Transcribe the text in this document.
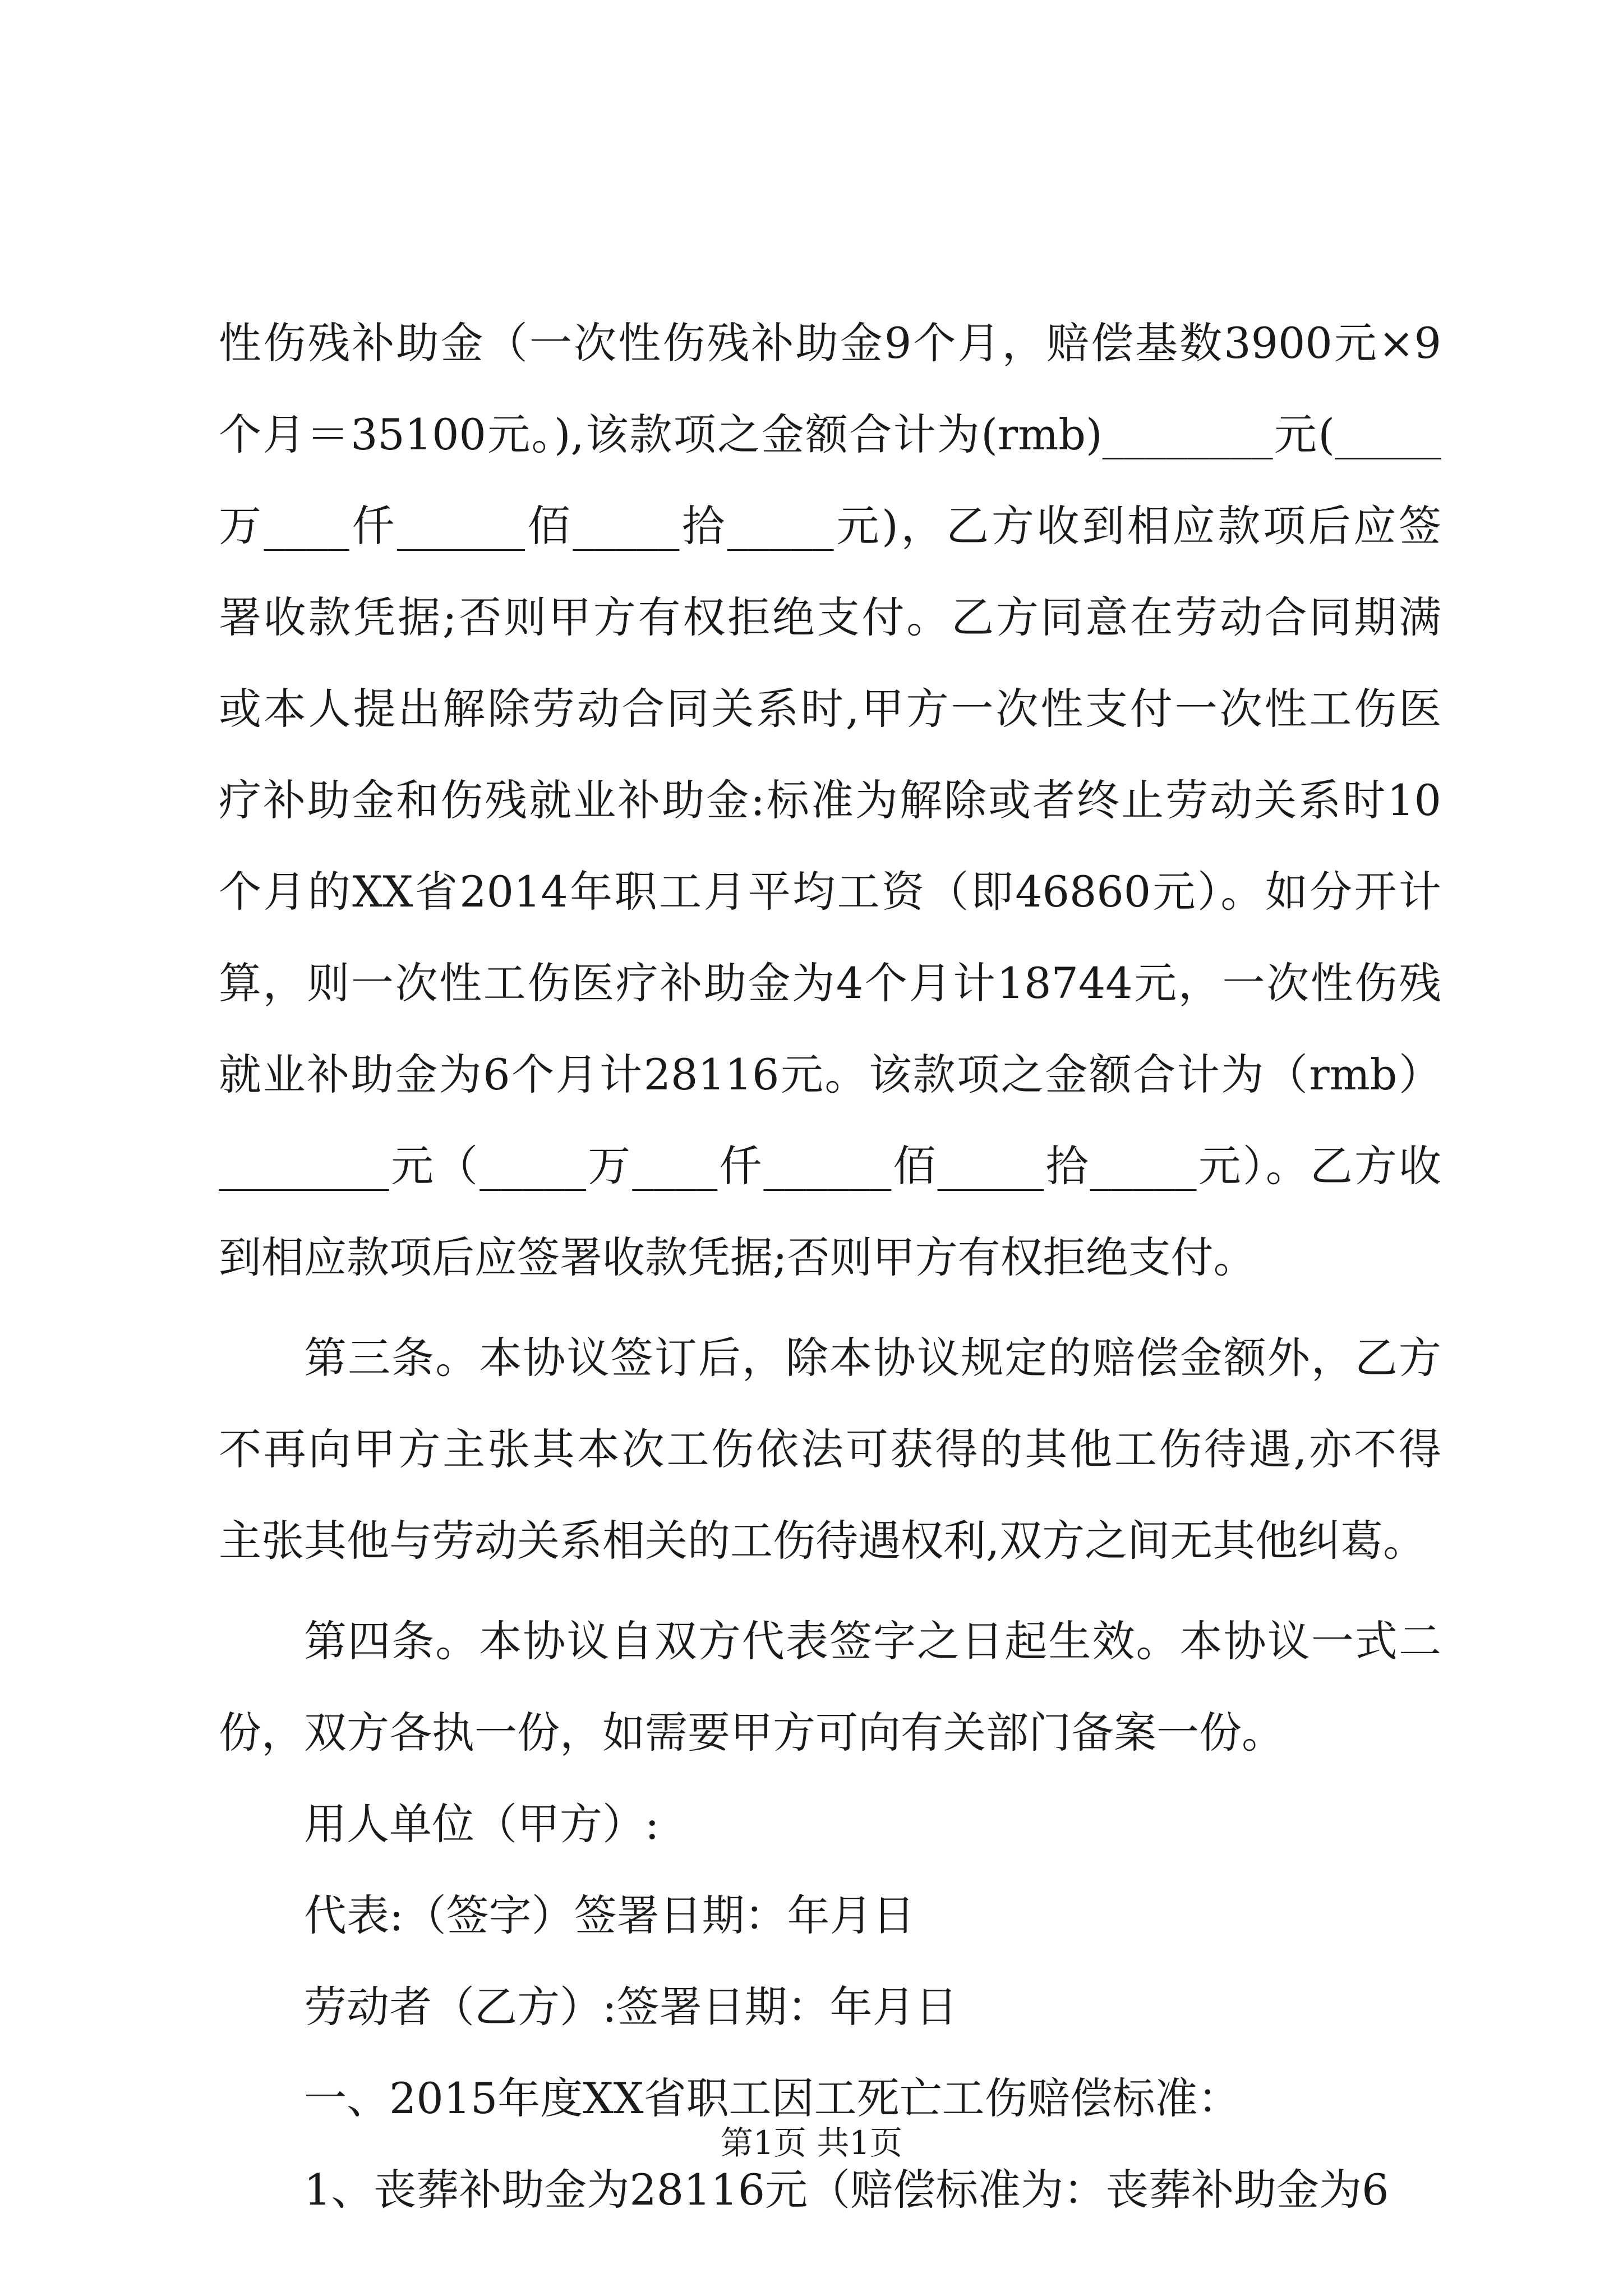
性伤残补助金（一次性伤残补助金9个月，赔偿基数3900元×9
个月＝35100元。),该款项之金额合计为(rmb)________元(_____
万____仟______佰_____拾_____元)，乙方收到相应款项后应签
署收款凭据;否则甲方有权拒绝支付。乙方同意在劳动合同期满
或本人提出解除劳动合同关系时,甲方一次性支付一次性工伤医
疗补助金和伤残就业补助金:标准为解除或者终止劳动关系时10
个月的XX省2014年职工月平均工资（即46860元）。如分开计
算，则一次性工伤医疗补助金为4个月计18744元，一次性伤残
就业补助金为6个月计28116元。该款项之金额合计为（rmb）
________元（_____万____仟______佰_____拾_____元）。乙方收
到相应款项后应签署收款凭据;否则甲方有权拒绝支付。
第三条。本协议签订后，除本协议规定的赔偿金额外，乙方
不再向甲方主张其本次工伤依法可获得的其他工伤待遇,亦不得
主张其他与劳动关系相关的工伤待遇权利,双方之间无其他纠葛。
第四条。本协议自双方代表签字之日起生效。本协议一式二
份，双方各执一份，如需要甲方可向有关部门备案一份。
用人单位（甲方）:
代表:（签字）签署日期：年月日
劳动者（乙方）:签署日期：年月日
一、2015年度XX省职工因工死亡工伤赔偿标准：
1、丧葬补助金为28116元（赔偿标准为：丧葬补助金为6
第1页 共1页
